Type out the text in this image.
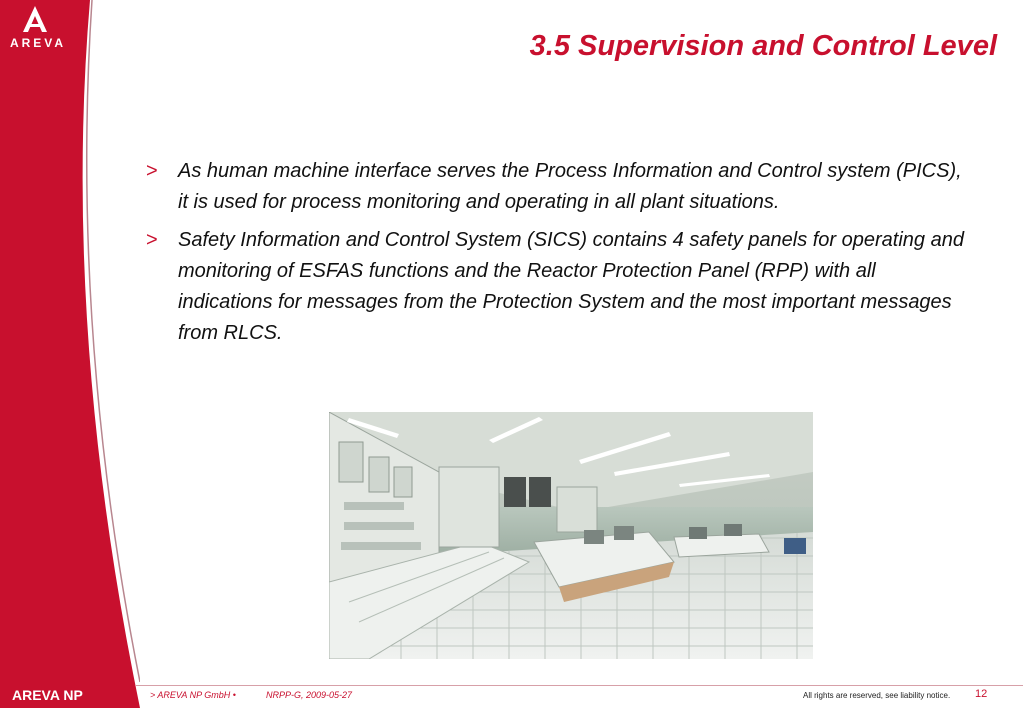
AREVA	3.5 Supervision and Control Level
>	As human machine interface serves the Process Information and Control system (PICS), it is used for process monitoring and operating in all plant situations.
>	Safety Information and Control System (SICS) contains 4 safety panels for operating and monitoring of ESFAS functions and the Reactor Protection Panel (RPP) with all indications for messages from the Protection System and the most important messages from RLCS.
AREVA NP	> AREVA NP GmbH •	NRPP-G, 2009-05-27	All rights are reserved, see liability notice. 12
